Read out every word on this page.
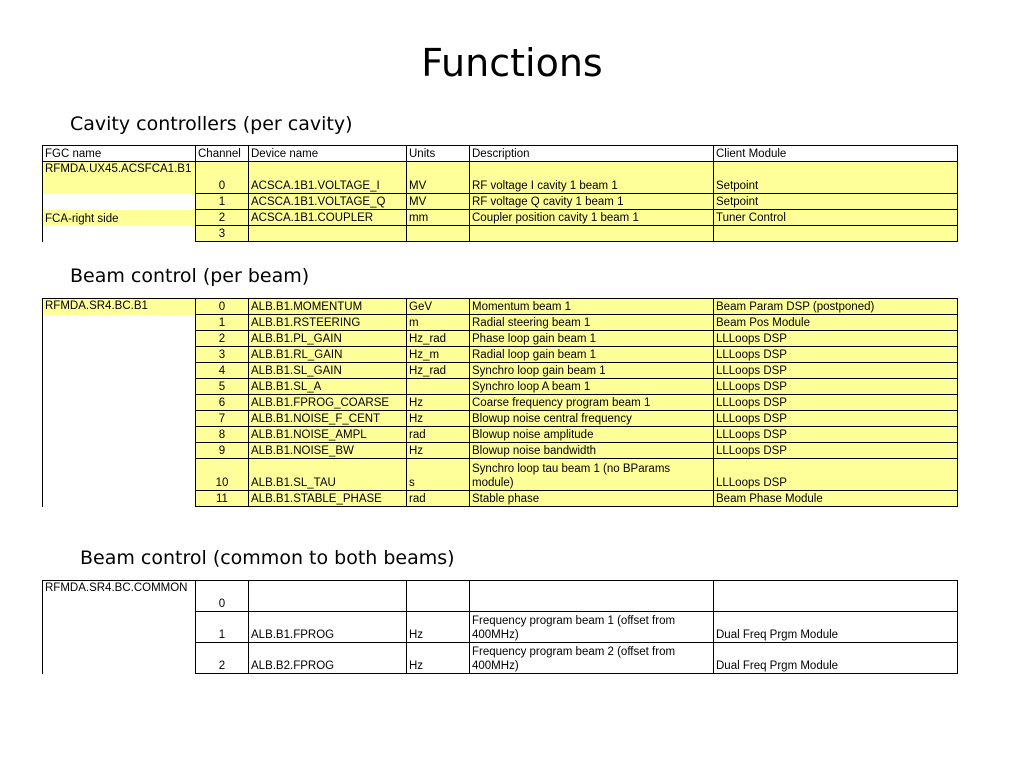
Functions
Cavity controllers (per cavity)
Beam control (per beam)
Beam control (common to both beams)
FGC name	Channel	Device name	Units	Description	Client Module
RFMDA.UX45.ACSFCA1.B1	0	ACSCA.1B1.VOLTAGE_I	MV	RF voltage I cavity 1 beam 1	Setpoint
	1	ACSCA.1B1.VOLTAGE_Q	MV	RF voltage Q cavity 1 beam 1	Setpoint
FCA-right side	2	ACSCA.1B1.COUPLER	mm	Coupler position cavity 1 beam 1	Tuner Control
	3				
RFMDA.SR4.BC.B1	0	ALB.B1.MOMENTUM	GeV	Momentum beam 1	Beam Param DSP (postponed)
	1	ALB.B1.RSTEERING	m	Radial steering beam 1	Beam Pos Module
	2	ALB.B1.PL_GAIN	Hz_rad	Phase loop gain beam 1	LLLoops DSP
	3	ALB.B1.RL_GAIN	Hz_m	Radial loop gain beam 1	LLLoops DSP
	4	ALB.B1.SL_GAIN	Hz_rad	Synchro loop gain beam 1	LLLoops DSP
	5	ALB.B1.SL_A		Synchro loop A beam 1	LLLoops DSP
	6	ALB.B1.FPROG_COARSE	Hz	Coarse frequency program beam 1	LLLoops DSP
	7	ALB.B1.NOISE_F_CENT	Hz	Blowup noise central frequency	LLLoops DSP
	8	ALB.B1.NOISE_AMPL	rad	Blowup noise amplitude	LLLoops DSP
	9	ALB.B1.NOISE_BW	Hz	Blowup noise bandwidth	LLLoops DSP
	10	ALB.B1.SL_TAU	s	Synchro loop tau beam 1 (no BParams module)	LLLoops DSP
	11	ALB.B1.STABLE_PHASE	rad	Stable phase	Beam Phase Module
RFMDA.SR4.BC.COMMON	0				
	1	ALB.B1.FPROG	Hz	Frequency program beam 1 (offset from 400MHz)	Dual Freq Prgm Module
	2	ALB.B2.FPROG	Hz	Frequency program beam 2 (offset from 400MHz)	Dual Freq Prgm Module
